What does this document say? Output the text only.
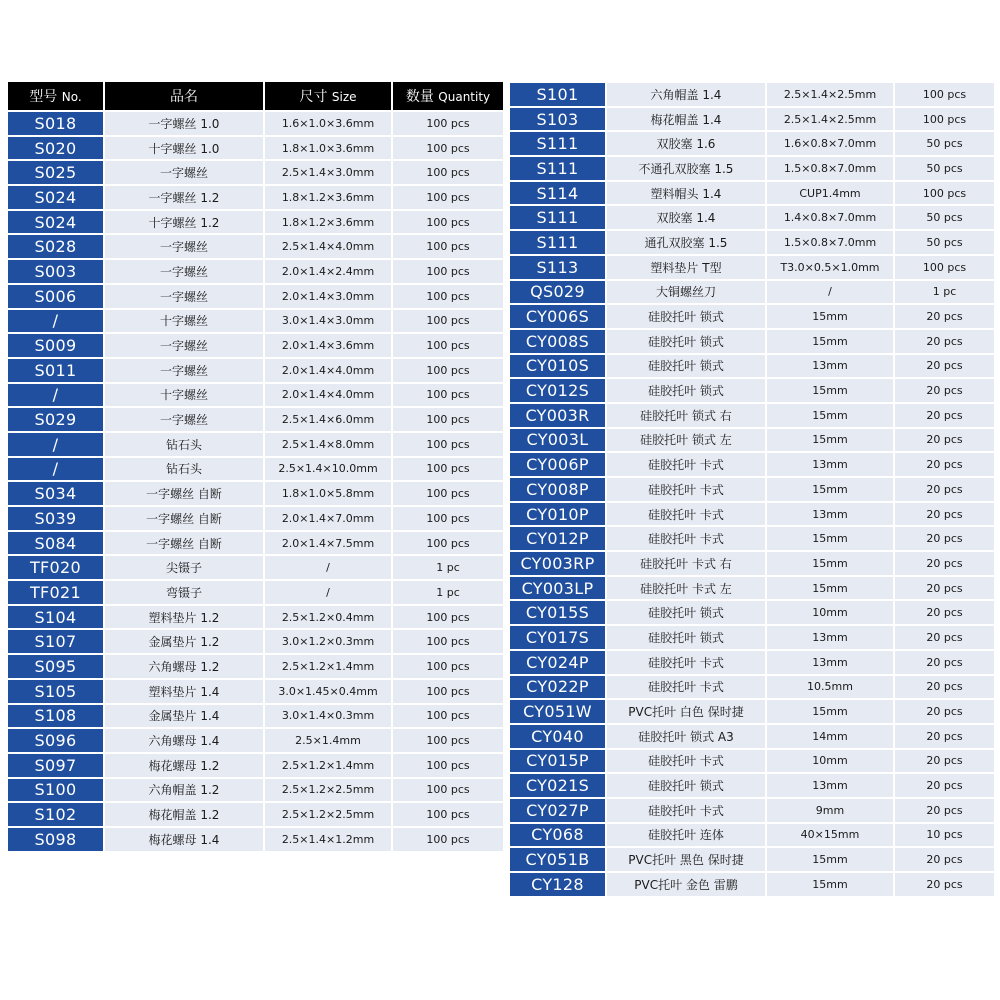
型号 No.	品名	尺寸 Size	数量 Quantity
S018	一字螺丝 1.0	1.6×1.0×3.6mm	100 pcs
S020	十字螺丝 1.0	1.8×1.0×3.6mm	100 pcs
S025	一字螺丝	2.5×1.4×3.0mm	100 pcs
S024	一字螺丝 1.2	1.8×1.2×3.6mm	100 pcs
S024	十字螺丝 1.2	1.8×1.2×3.6mm	100 pcs
S028	一字螺丝	2.5×1.4×4.0mm	100 pcs
S003	一字螺丝	2.0×1.4×2.4mm	100 pcs
S006	一字螺丝	2.0×1.4×3.0mm	100 pcs
/	十字螺丝	3.0×1.4×3.0mm	100 pcs
S009	一字螺丝	2.0×1.4×3.6mm	100 pcs
S011	一字螺丝	2.0×1.4×4.0mm	100 pcs
/	十字螺丝	2.0×1.4×4.0mm	100 pcs
S029	一字螺丝	2.5×1.4×6.0mm	100 pcs
/	钻石头	2.5×1.4×8.0mm	100 pcs
/	钻石头	2.5×1.4×10.0mm	100 pcs
S034	一字螺丝 自断	1.8×1.0×5.8mm	100 pcs
S039	一字螺丝 自断	2.0×1.4×7.0mm	100 pcs
S084	一字螺丝 自断	2.0×1.4×7.5mm	100 pcs
TF020	尖镊子	/	1 pc
TF021	弯镊子	/	1 pc
S104	塑料垫片 1.2	2.5×1.2×0.4mm	100 pcs
S107	金属垫片 1.2	3.0×1.2×0.3mm	100 pcs
S095	六角螺母 1.2	2.5×1.2×1.4mm	100 pcs
S105	塑料垫片 1.4	3.0×1.45×0.4mm	100 pcs
S108	金属垫片 1.4	3.0×1.4×0.3mm	100 pcs
S096	六角螺母 1.4	2.5×1.4mm	100 pcs
S097	梅花螺母 1.2	2.5×1.2×1.4mm	100 pcs
S100	六角帽盖 1.2	2.5×1.2×2.5mm	100 pcs
S102	梅花帽盖 1.2	2.5×1.2×2.5mm	100 pcs
S098	梅花螺母 1.4	2.5×1.4×1.2mm	100 pcs
S101	六角帽盖 1.4	2.5×1.4×2.5mm	100 pcs
S103	梅花帽盖 1.4	2.5×1.4×2.5mm	100 pcs
S111	双胶塞 1.6	1.6×0.8×7.0mm	50 pcs
S111	不通孔双胶塞 1.5	1.5×0.8×7.0mm	50 pcs
S114	塑料帽头 1.4	CUP1.4mm	100 pcs
S111	双胶塞 1.4	1.4×0.8×7.0mm	50 pcs
S111	通孔双胶塞 1.5	1.5×0.8×7.0mm	50 pcs
S113	塑料垫片 T型	T3.0×0.5×1.0mm	100 pcs
QS029	大铜螺丝刀	/	1 pc
CY006S	硅胶托叶 锁式	15mm	20 pcs
CY008S	硅胶托叶 锁式	15mm	20 pcs
CY010S	硅胶托叶 锁式	13mm	20 pcs
CY012S	硅胶托叶 锁式	15mm	20 pcs
CY003R	硅胶托叶 锁式 右	15mm	20 pcs
CY003L	硅胶托叶 锁式 左	15mm	20 pcs
CY006P	硅胶托叶 卡式	13mm	20 pcs
CY008P	硅胶托叶 卡式	15mm	20 pcs
CY010P	硅胶托叶 卡式	13mm	20 pcs
CY012P	硅胶托叶 卡式	15mm	20 pcs
CY003RP	硅胶托叶 卡式 右	15mm	20 pcs
CY003LP	硅胶托叶 卡式 左	15mm	20 pcs
CY015S	硅胶托叶 锁式	10mm	20 pcs
CY017S	硅胶托叶 锁式	13mm	20 pcs
CY024P	硅胶托叶 卡式	13mm	20 pcs
CY022P	硅胶托叶 卡式	10.5mm	20 pcs
CY051W	PVC托叶 白色 保时捷	15mm	20 pcs
CY040	硅胶托叶 锁式 A3	14mm	20 pcs
CY015P	硅胶托叶 卡式	10mm	20 pcs
CY021S	硅胶托叶 锁式	13mm	20 pcs
CY027P	硅胶托叶 卡式	9mm	20 pcs
CY068	硅胶托叶 连体	40×15mm	10 pcs
CY051B	PVC托叶 黑色 保时捷	15mm	20 pcs
CY128	PVC托叶 金色 雷鹏	15mm	20 pcs
